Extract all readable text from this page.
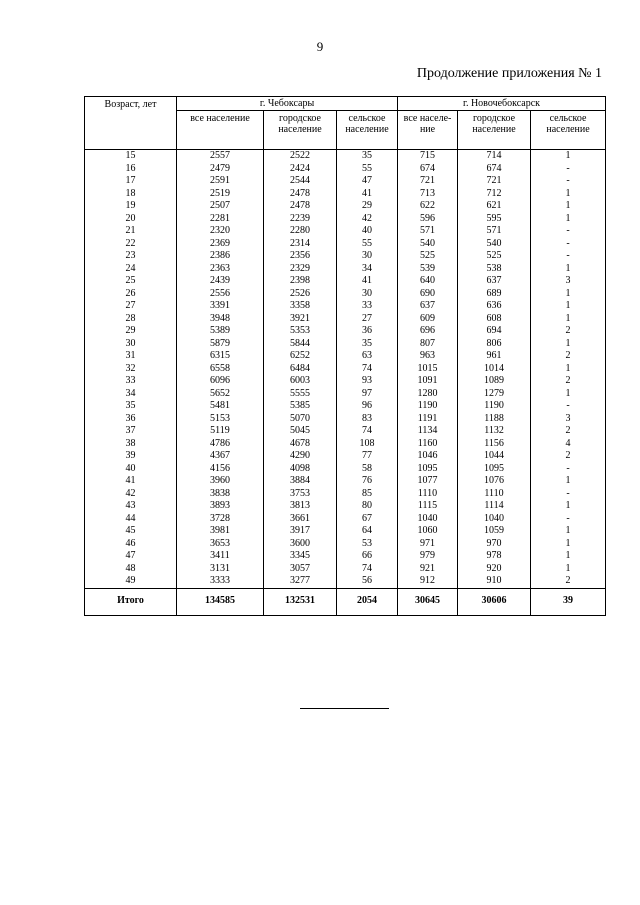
9
Продолжение приложения № 1
Возраст, лет	г. Чебоксары			г. Новочебоксарск		
	все население	городское население	сельское население	все населе-ние	городское население	сельское население
15	2557	2522	35	715	714	1
16	2479	2424	55	674	674	-
17	2591	2544	47	721	721	-
18	2519	2478	41	713	712	1
19	2507	2478	29	622	621	1
20	2281	2239	42	596	595	1
21	2320	2280	40	571	571	-
22	2369	2314	55	540	540	-
23	2386	2356	30	525	525	-
24	2363	2329	34	539	538	1
25	2439	2398	41	640	637	3
26	2556	2526	30	690	689	1
27	3391	3358	33	637	636	1
28	3948	3921	27	609	608	1
29	5389	5353	36	696	694	2
30	5879	5844	35	807	806	1
31	6315	6252	63	963	961	2
32	6558	6484	74	1015	1014	1
33	6096	6003	93	1091	1089	2
34	5652	5555	97	1280	1279	1
35	5481	5385	96	1190	1190	-
36	5153	5070	83	1191	1188	3
37	5119	5045	74	1134	1132	2
38	4786	4678	108	1160	1156	4
39	4367	4290	77	1046	1044	2
40	4156	4098	58	1095	1095	-
41	3960	3884	76	1077	1076	1
42	3838	3753	85	1110	1110	-
43	3893	3813	80	1115	1114	1
44	3728	3661	67	1040	1040	-
45	3981	3917	64	1060	1059	1
46	3653	3600	53	971	970	1
47	3411	3345	66	979	978	1
48	3131	3057	74	921	920	1
49	3333	3277	56	912	910	2
Итого	134585	132531	2054	30645	30606	39
